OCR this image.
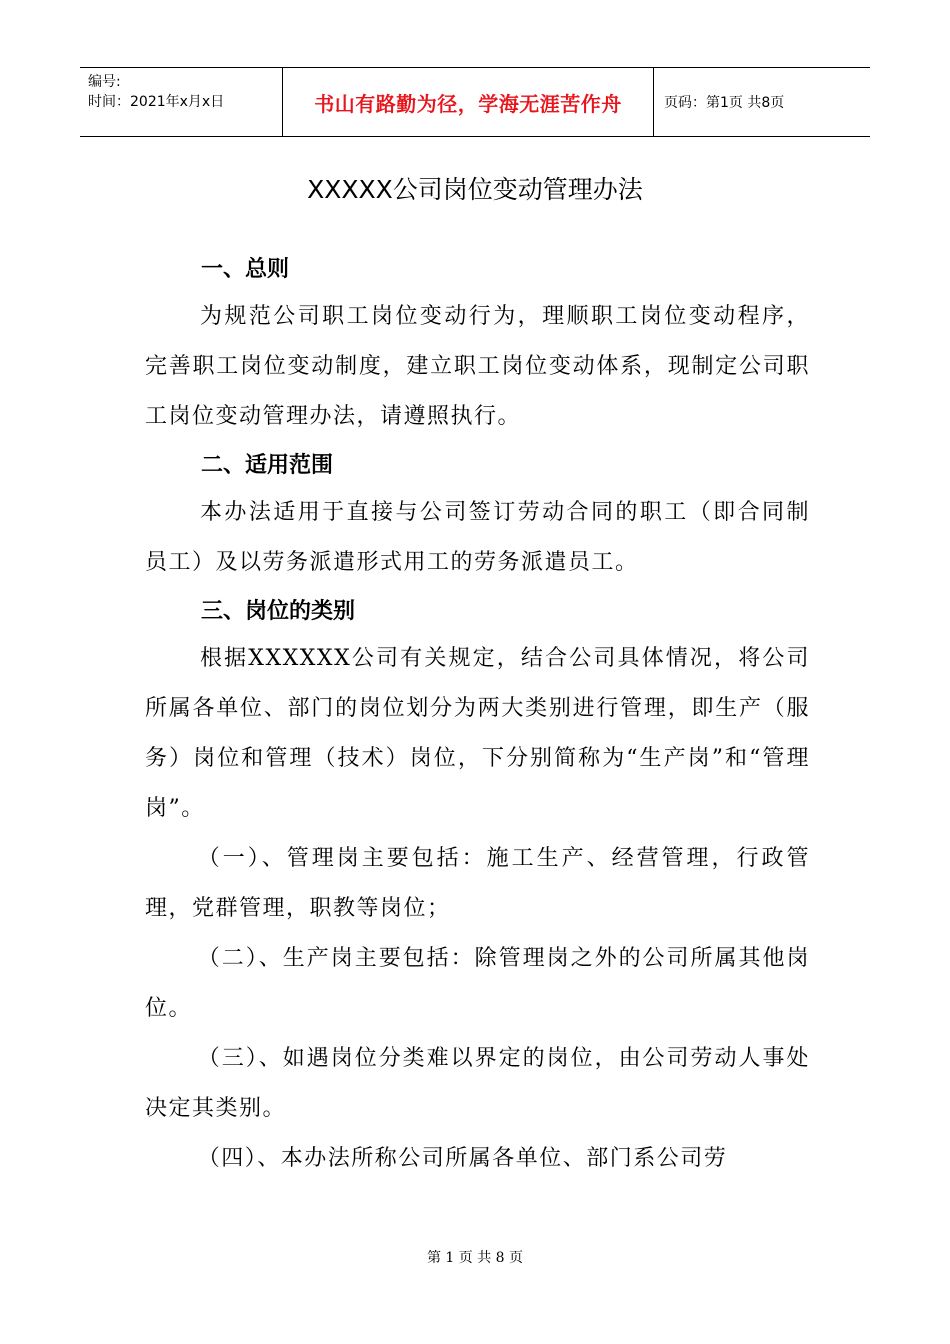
编号:
时间：2021年x月x日	书山有路勤为径，学海无涯苦作舟	页码：第1页 共8页
XXXXX公司岗位变动管理办法
一、总则
为规范公司职工岗位变动行为，理顺职工岗位变动程序，完善职工岗位变动制度，建立职工岗位变动体系，现制定公司职工岗位变动管理办法，请遵照执行。
二、适用范围
本办法适用于直接与公司签订劳动合同的职工（即合同制员工）及以劳务派遣形式用工的劳务派遣员工。
三、岗位的类别
根据XXXXXX公司有关规定，结合公司具体情况，将公司所属各单位、部门的岗位划分为两大类别进行管理，即生产（服务）岗位和管理（技术）岗位，下分别简称为“生产岗”和“管理岗”。
（一）、管理岗主要包括：施工生产、经营管理，行政管理，党群管理，职教等岗位；
（二）、生产岗主要包括：除管理岗之外的公司所属其他岗位。
（三）、如遇岗位分类难以界定的岗位，由公司劳动人事处决定其类别。
（四）、本办法所称公司所属各单位、部门系公司劳
第 1 页 共 8 页
